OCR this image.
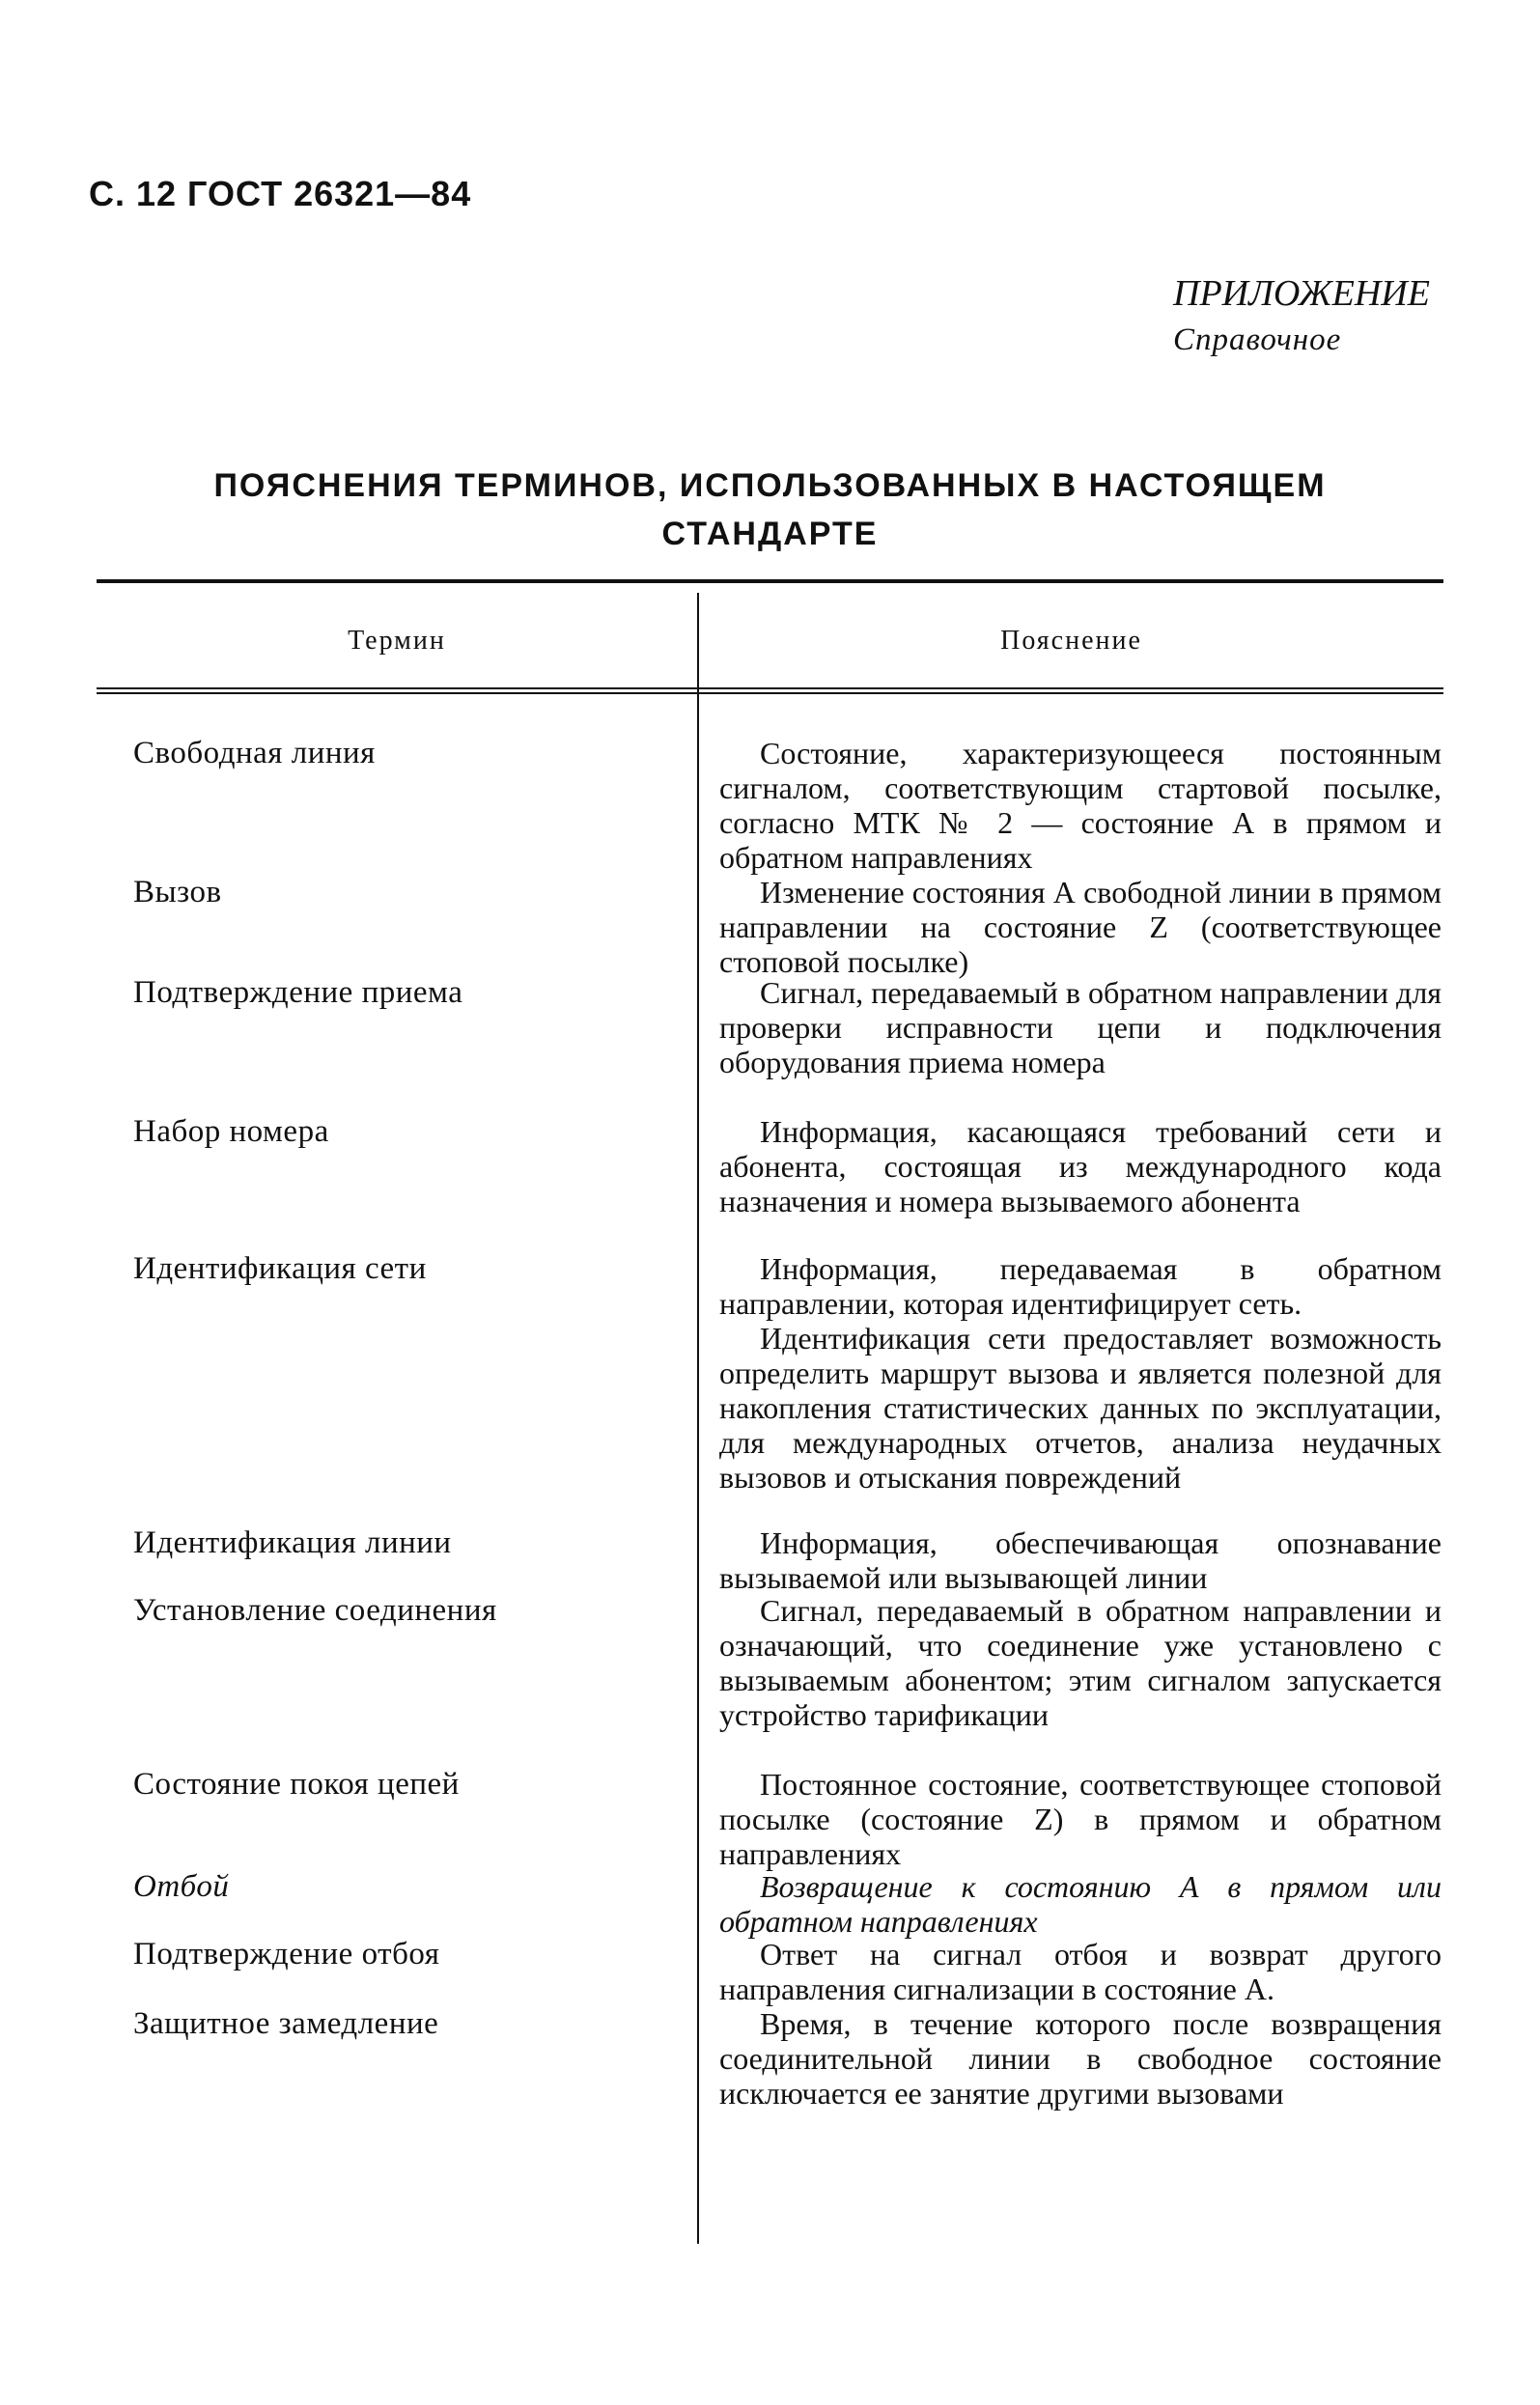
С. 12 ГОСТ 26321—84
ПРИЛОЖЕНИЕ
Справочное
ПОЯСНЕНИЯ ТЕРМИНОВ, ИСПОЛЬЗОВАННЫХ В НАСТОЯЩЕМ
СТАНДАРТЕ
Термин	Пояснение
Свободная линия	Состояние, характеризующееся постоянным сигналом, соответствующим стартовой посылке, согласно МТК № 2 — состояние А в прямом и обратном направлениях

Вызов	Изменение состояния А свободной линии в прямом направлении на состояние Z (соответствующее стоповой посылке)

Подтверждение приема	Сигнал, передаваемый в обратном направлении для проверки исправности цепи и подключения оборудования приема номера

Набор номера	Информация, касающаяся требований сети и абонента, состоящая из международного кода назначения и номера вызываемого абонента

Идентификация сети	Информация, передаваемая в обратном направлении, которая идентифицирует сеть.

Идентификация сети предоставляет возможность определить маршрут вызова и является полезной для накопления статистических данных по эксплуатации, для международных отчетов, анализа неудачных вызовов и отыскания повреждений

Идентификация линии	Информация, обеспечивающая опознавание вызываемой или вызывающей линии

Установление соединения	Сигнал, передаваемый в обратном направлении и означающий, что соединение уже установлено с вызываемым абонентом; этим сигналом запускается устройство тарификации

Состояние покоя цепей	Постоянное состояние, соответствующее стоповой посылке (состояние Z) в прямом и обратном направлениях

Отбой	Возвращение к состоянию А в прямом или обратном направлениях

Подтверждение отбоя	Ответ на сигнал отбоя и возврат другого направления сигнализации в состояние А.

Защитное замедление	Время, в течение которого после возвращения соединительной линии в свободное состояние исключается ее занятие другими вызовами
